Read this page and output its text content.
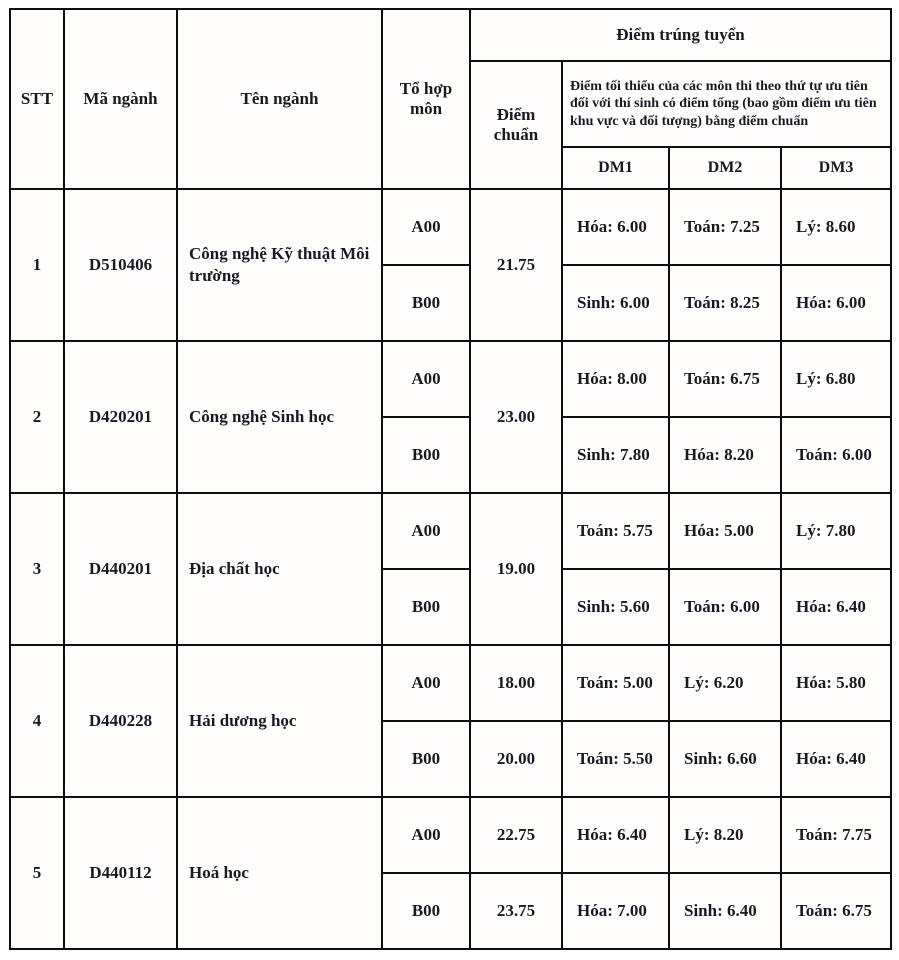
STT	Mã ngành	Tên ngành	Tổ hợp môn	Điểm trúng tuyển			
				Điểm chuẩn	Điểm tối thiểu của các môn thi theo thứ tự ưu tiên đối với thí sinh có điểm tổng (bao gồm điểm ưu tiên khu vực và đối tượng) bằng điểm chuẩn		
					DM1	DM2	DM3
1	D510406	Công nghệ Kỹ thuật Môi trường	A00	21.75	Hóa: 6.00	Toán: 7.25	Lý: 8.60
			B00		Sinh: 6.00	Toán: 8.25	Hóa: 6.00
2	D420201	Công nghệ Sinh học	A00	23.00	Hóa: 8.00	Toán: 6.75	Lý: 6.80
			B00		Sinh: 7.80	Hóa: 8.20	Toán: 6.00
3	D440201	Địa chất học	A00	19.00	Toán: 5.75	Hóa: 5.00	Lý: 7.80
			B00		Sinh: 5.60	Toán: 6.00	Hóa: 6.40
4	D440228	Hải dương học	A00	18.00	Toán: 5.00	Lý: 6.20	Hóa: 5.80
			B00	20.00	Toán: 5.50	Sinh: 6.60	Hóa: 6.40
5	D440112	Hoá học	A00	22.75	Hóa: 6.40	Lý: 8.20	Toán: 7.75
			B00	23.75	Hóa: 7.00	Sinh: 6.40	Toán: 6.75
